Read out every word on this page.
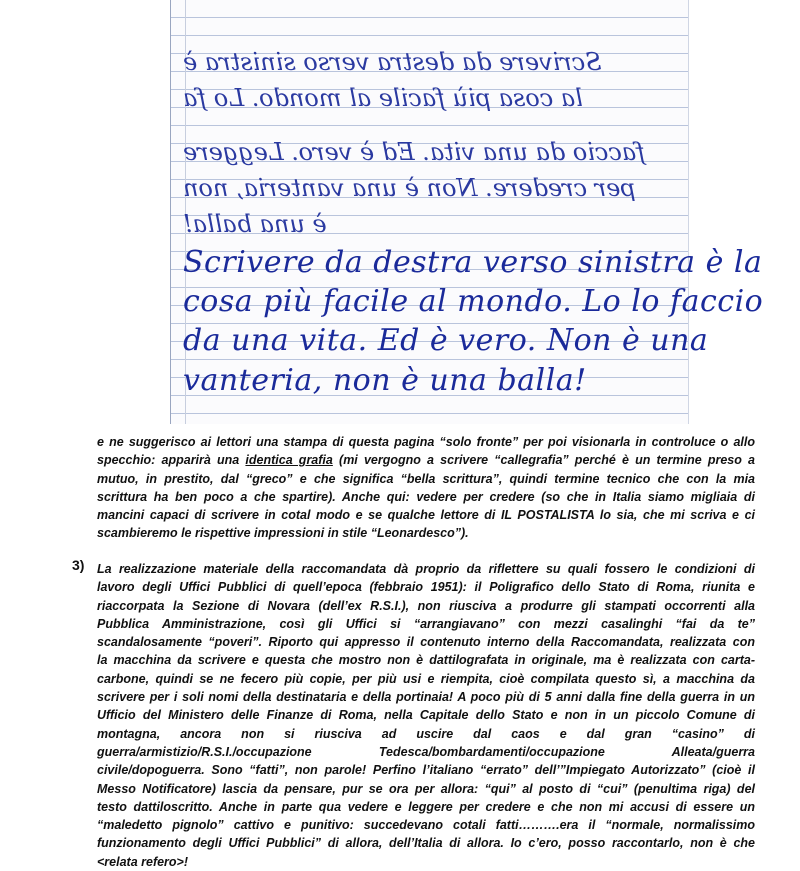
Scrivere da destra verso sinistra è
la cosa più facile al mondo. Lo fa
faccio da una vita. Ed è vero. Leggere
per credere. Non è una vanteria, non
è una balla!
Scrivere da destra verso sinistra è la
cosa più facile al mondo. Lo lo faccio
da una vita. Ed è vero. Non è una
vanteria, non è una balla!
e ne suggerisco ai lettori una stampa di questa pagina “solo fronte” per poi visionarla in controluce o allo
specchio: apparirà una identica grafia (mi vergogno a scrivere “callegrafia” perché è un termine preso a
mutuo, in prestito, dal “greco” e che significa “bella scrittura”, quindi termine tecnico che con la mia
scrittura ha ben poco a che spartire). Anche qui: vedere per credere (so che in Italia siamo migliaia di
mancini capaci di scrivere in cotal modo e se qualche lettore di IL POSTALISTA lo sia, che mi scriva e ci
scambieremo le rispettive impressioni in stile “Leonardesco”).
3) La realizzazione materiale della raccomandata dà proprio da riflettere su quali fossero le condizioni di
lavoro degli Uffici Pubblici di quell’epoca (febbraio 1951): il Poligrafico dello Stato di Roma, riunita e
riaccorpata la Sezione di Novara (dell’ex R.S.I.), non riusciva a produrre gli stampati occorrenti alla
Pubblica Amministrazione, così gli Uffici si “arrangiavano” con mezzi casalinghi “fai da te”
scandalosamente “poveri”. Riporto qui appresso il contenuto interno della Raccomandata, realizzata con
la macchina da scrivere e questa che mostro non è dattilografata in originale, ma è realizzata con carta-
carbone, quindi se ne fecero più copie, per più usi e riempita, cioè compilata questo sì, a macchina da
scrivere per i soli nomi della destinataria e della portinaia! A poco più di 5 anni dalla fine della guerra in un
Ufficio del Ministero delle Finanze di Roma, nella Capitale dello Stato e non in un piccolo Comune di
montagna, ancora non si riusciva ad uscire dal caos e dal gran “casino” di
guerra/armistizio/R.S.I./occupazione Tedesca/bombardamenti/occupazione Alleata/guerra
civile/dopoguerra. Sono “fatti”, non parole! Perfino l’italiano “errato” dell’”Impiegato Autorizzato” (cioè il
Messo Notificatore) lascia da pensare, pur se ora per allora: “qui” al posto di “cui” (penultima riga) del
testo dattiloscritto. Anche in parte qua vedere e leggere per credere e che non mi accusi di essere un
“maledetto pignolo” cattivo e punitivo: succedevano cotali fatti……….era il “normale, normalissimo
funzionamento degli Uffici Pubblici” di allora, dell’Italia di allora. Io c’ero, posso raccontarlo, non è che
<relata refero>!
